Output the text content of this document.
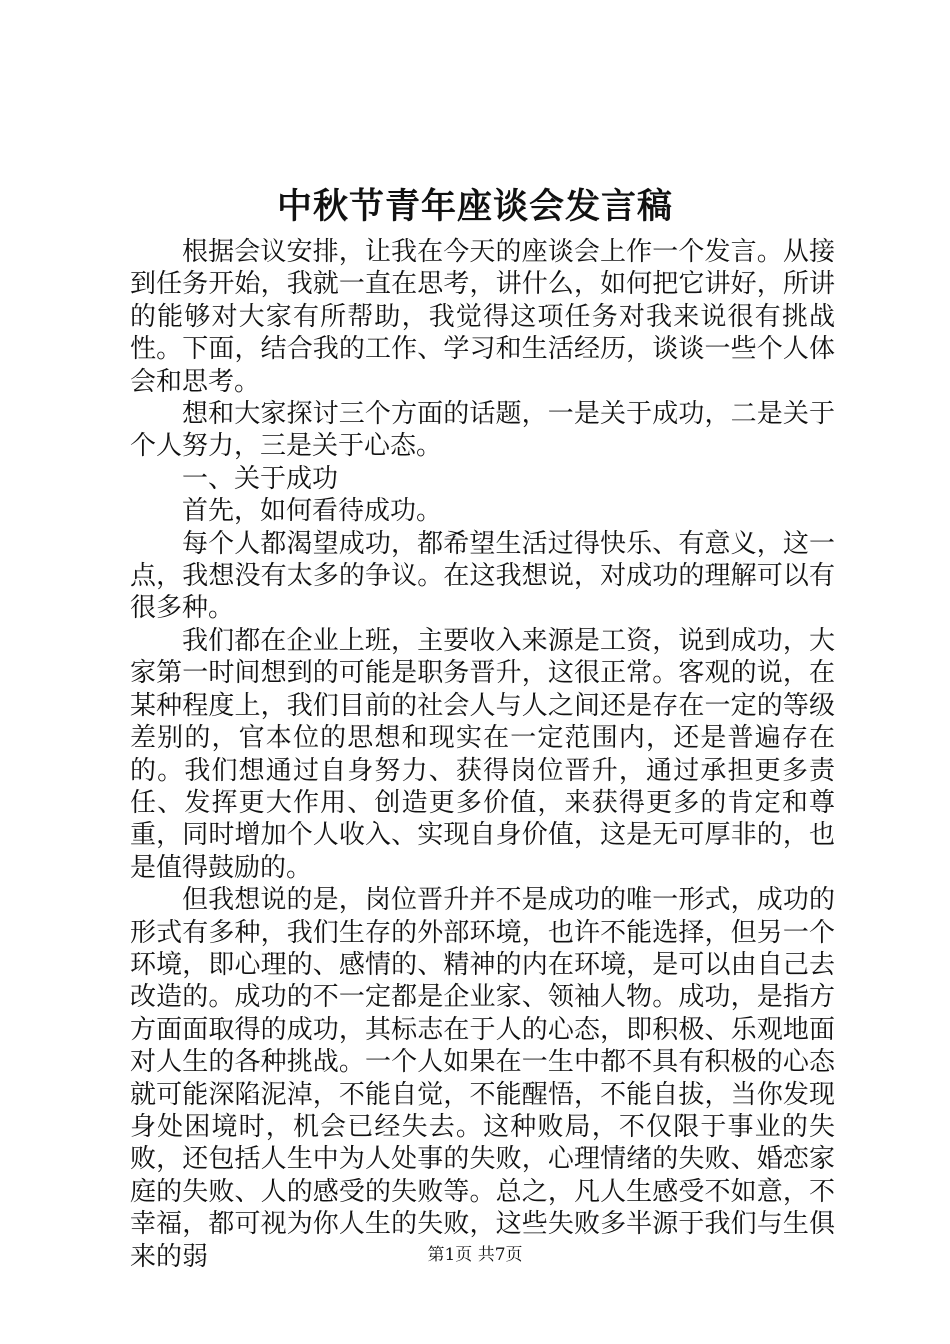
中秋节青年座谈会发言稿

根据会议安排，让我在今天的座谈会上作一个发言。从接到任务开始，我就一直在思考，讲什么，如何把它讲好，所讲的能够对大家有所帮助，我觉得这项任务对我来说很有挑战性。下面，结合我的工作、学习和生活经历，谈谈一些个人体会和思考。

想和大家探讨三个方面的话题，一是关于成功，二是关于个人努力，三是关于心态。

一、关于成功

首先，如何看待成功。

每个人都渴望成功，都希望生活过得快乐、有意义，这一点，我想没有太多的争议。在这我想说，对成功的理解可以有很多种。

我们都在企业上班，主要收入来源是工资，说到成功，大家第一时间想到的可能是职务晋升，这很正常。客观的说，在某种程度上，我们目前的社会人与人之间还是存在一定的等级差别的，官本位的思想和现实在一定范围内，还是普遍存在的。我们想通过自身努力、获得岗位晋升，通过承担更多责任、发挥更大作用、创造更多价值，来获得更多的肯定和尊重，同时增加个人收入、实现自身价值，这是无可厚非的，也是值得鼓励的。

但我想说的是，岗位晋升并不是成功的唯一形式，成功的形式有多种，我们生存的外部环境，也许不能选择，但另一个环境，即心理的、感情的、精神的内在环境，是可以由自己去改造的。成功的不一定都是企业家、领袖人物。成功，是指方方面面取得的成功，其标志在于人的心态，即积极、乐观地面对人生的各种挑战。一个人如果在一生中都不具有积极的心态就可能深陷泥淖，不能自觉，不能醒悟，不能自拔，当你发现身处困境时，机会已经失去。这种败局，不仅限于事业的失败，还包括人生中为人处事的失败，心理情绪的失败、婚恋家庭的失败、人的感受的失败等。总之，凡人生感受不如意，不幸福，都可视为你人生的失败，这些失败多半源于我们与生俱来的弱	第1页 共7页
